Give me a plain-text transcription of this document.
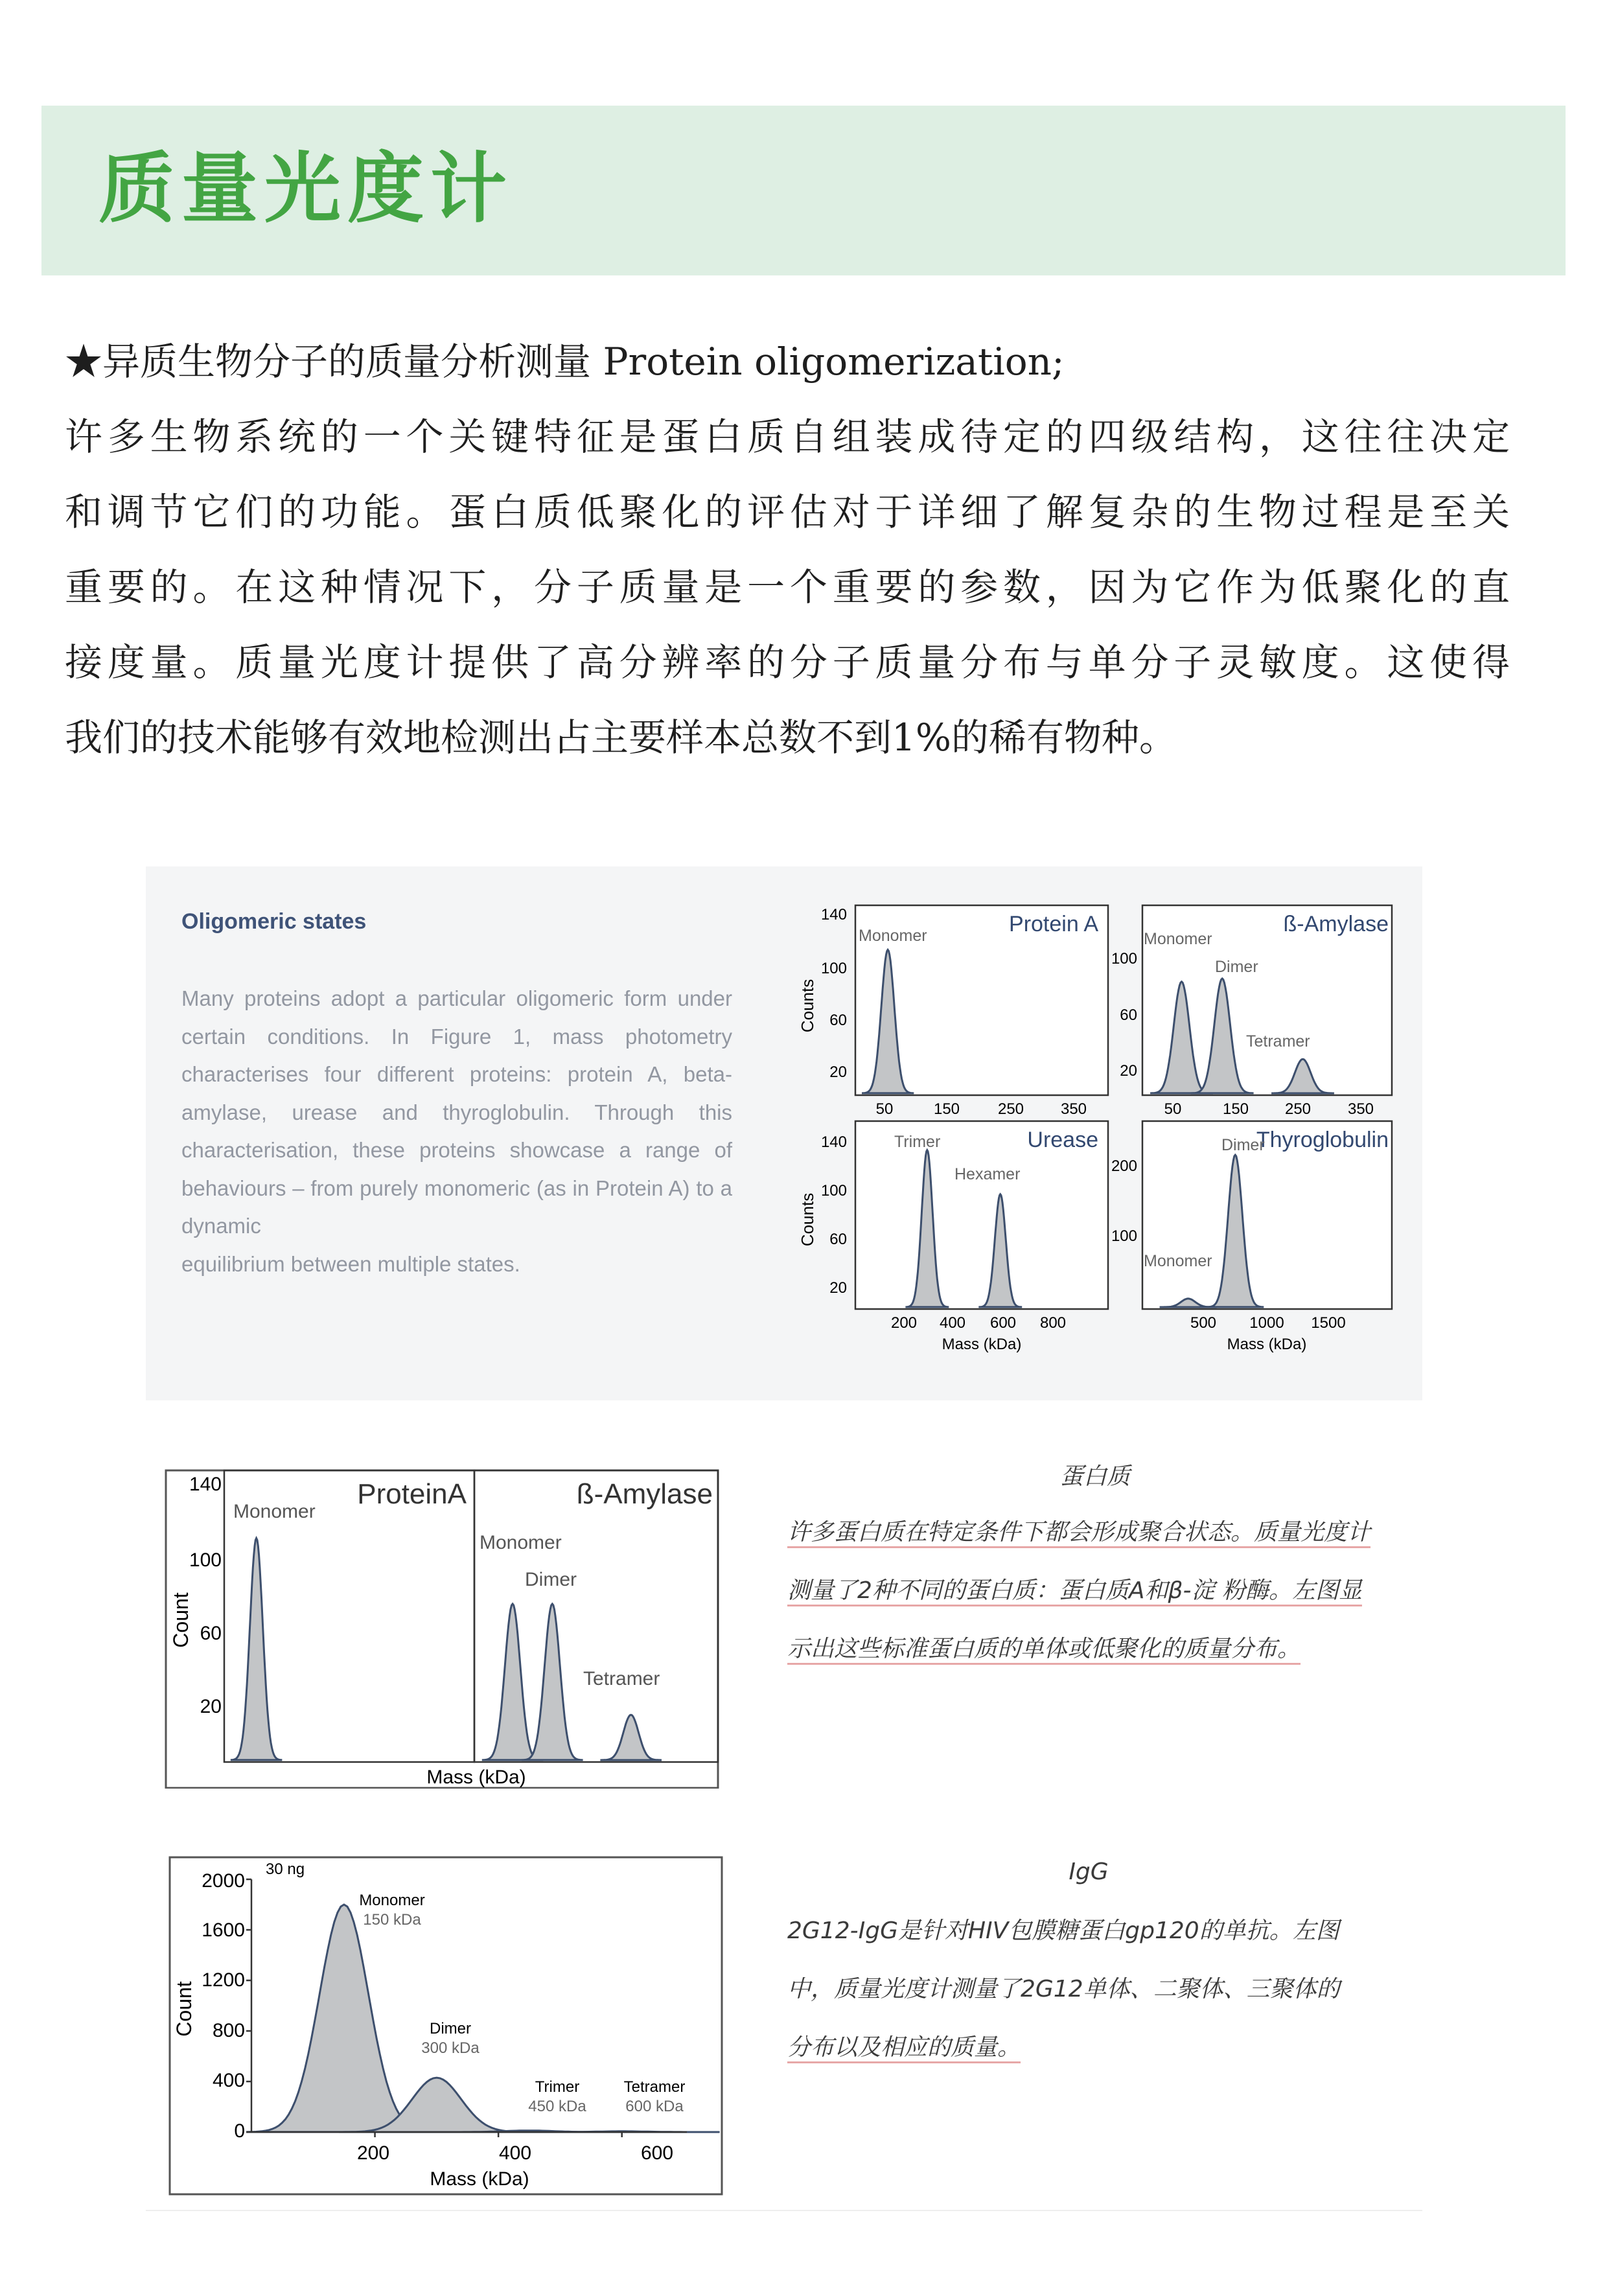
质量光度计

★异质生物分子的质量分析测量 Protein oligomerization;

许多生物系统的一个关键特征是蛋白质自组装成待定的四级结构，这往往决定

和调节它们的功能。蛋白质低聚化的评估对于详细了解复杂的生物过程是至关

重要的。在这种情况下，分子质量是一个重要的参数，因为它作为低聚化的直

接度量。质量光度计提供了高分辨率的分子质量分布与单分子灵敏度。这使得

我们的技术能够有效地检测出占主要样本总数不到1%的稀有物种。

Oligomeric states
Many proteins adopt a particular oligomeric form under certain conditions. In Figure 1, mass photometry characterises four different proteins: protein A, beta-amylase, urease and thyroglobulin. Through this characterisation, these proteins showcase a range of behaviours – from purely monomeric (as in Protein A) to a dynamic
equilibrium between multiple states.
Protein A
Monomer
140
100
60
20
50	150 250 350
Counts
ß-Amylase
Monomer
Dimer
Tetramer
100
60
20
50	150 250 350
Urease
Trimer
Hexamer
140
100
60
20
200 400 600 800
Mass (kDa)
Counts
Thyroglobulin
Dimer
Monomer
200
100
500 1000 1500
Mass (kDa)
ProteinA	ß-Amylase
Monomer
Monomer
Dimer
Tetramer
140
100
60
20
Count
Mass (kDa)
蛋白质
许多蛋白质在特定条件下都会形成聚合状态。质量光度计
测量了2种不同的蛋白质：蛋白质A和β-淀 粉酶。左图显
示出这些标准蛋白质的单体或低聚化的质量分布。
30 ng
2000
1600
1200
800
400
0
200	400	600
Count
Mass (kDa)
Monomer
150 kDa
Dimer
300 kDa
Trimer
450 kDa
Tetramer
600 kDa
IgG
2G12-IgG是针对HIV包膜糖蛋白gp120的单抗。左图
中，质量光度计测量了2G12单体、二聚体、三聚体的
分布以及相应的质量。
